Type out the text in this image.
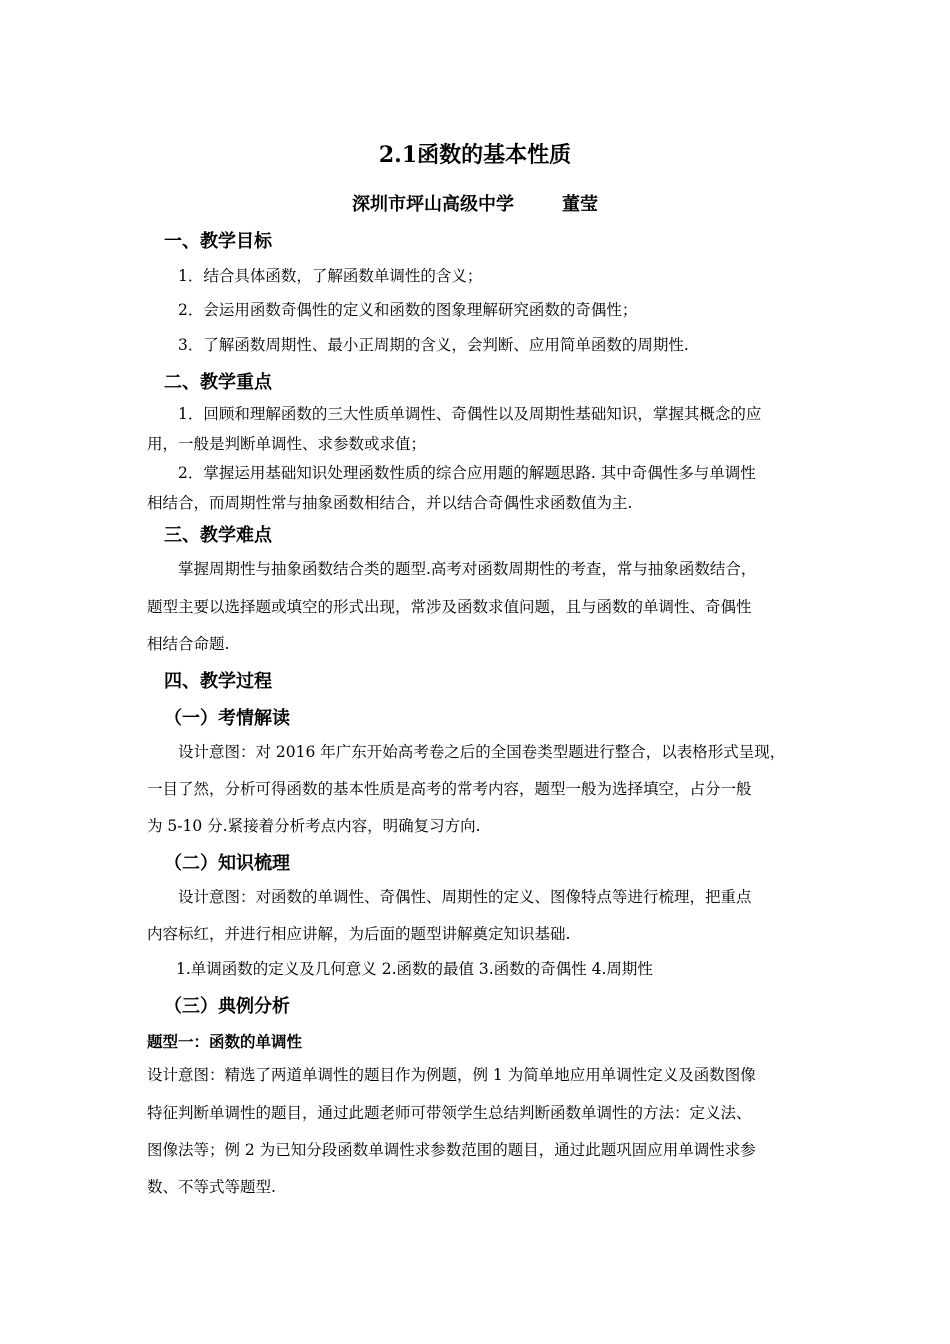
2.1函数的基本性质
深圳市坪山高级中学	董莹
一、教学目标
1．结合具体函数，了解函数单调性的含义；
2．会运用函数奇偶性的定义和函数的图象理解研究函数的奇偶性；
3．了解函数周期性、最小正周期的含义，会判断、应用简单函数的周期性.
二、教学重点
1．回顾和理解函数的三大性质单调性、奇偶性以及周期性基础知识，掌握其概念的应
用，一般是判断单调性、求参数或求值；
2．掌握运用基础知识处理函数性质的综合应用题的解题思路. 其中奇偶性多与单调性
相结合，而周期性常与抽象函数相结合，并以结合奇偶性求函数值为主.
三、教学难点
掌握周期性与抽象函数结合类的题型.高考对函数周期性的考查，常与抽象函数结合，
题型主要以选择题或填空的形式出现，常涉及函数求值问题，且与函数的单调性、奇偶性
相结合命题.
四、教学过程
（一）考情解读
设计意图：对 2016 年广东开始高考卷之后的全国卷类型题进行整合，以表格形式呈现，
一目了然，分析可得函数的基本性质是高考的常考内容，题型一般为选择填空，占分一般
为 5-10 分.紧接着分析考点内容，明确复习方向.
（二）知识梳理
设计意图：对函数的单调性、奇偶性、周期性的定义、图像特点等进行梳理，把重点
内容标红，并进行相应讲解，为后面的题型讲解奠定知识基础.
1.单调函数的定义及几何意义 2.函数的最值 3.函数的奇偶性 4.周期性
（三）典例分析
题型一：函数的单调性
设计意图：精选了两道单调性的题目作为例题，例 1 为简单地应用单调性定义及函数图像
特征判断单调性的题目，通过此题老师可带领学生总结判断函数单调性的方法：定义法、
图像法等；例 2 为已知分段函数单调性求参数范围的题目，通过此题巩固应用单调性求参
数、不等式等题型.
